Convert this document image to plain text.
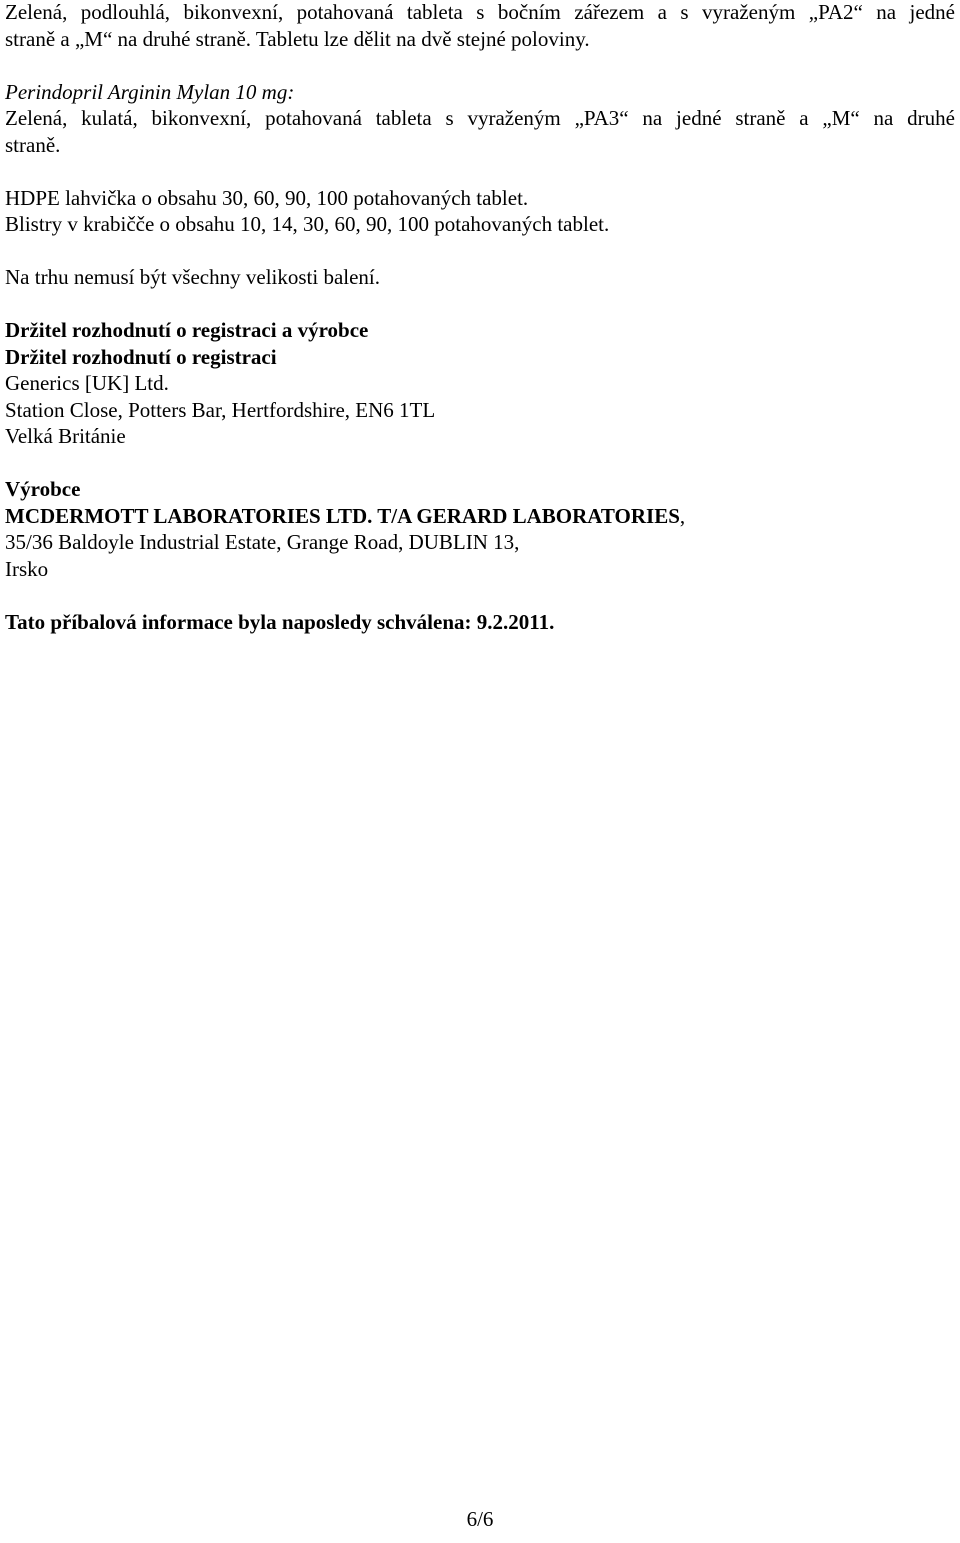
Zelená, podlouhlá, bikonvexní, potahovaná tableta s bočním zářezem a s vyraženým „PA2“ na jedné
straně a „M“ na druhé straně. Tabletu lze dělit na dvě stejné poloviny.
Perindopril Arginin Mylan 10 mg:
Zelená, kulatá, bikonvexní, potahovaná tableta s vyraženým „PA3“ na jedné straně a „M“ na druhé
straně.
HDPE lahvička o obsahu 30, 60, 90, 100 potahovaných tablet.
Blistry v krabičče o obsahu 10, 14, 30, 60, 90, 100 potahovaných tablet.
Na trhu nemusí být všechny velikosti balení.
Držitel rozhodnutí o registraci a výrobce
Držitel rozhodnutí o registraci
Generics [UK] Ltd.
Station Close, Potters Bar, Hertfordshire, EN6 1TL
Velká Británie
Výrobce
MCDERMOTT LABORATORIES LTD. T/A GERARD LABORATORIES,
35/36 Baldoyle Industrial Estate, Grange Road, DUBLIN 13,
Irsko
Tato příbalová informace byla naposledy schválena: 9.2.2011.
6/6
